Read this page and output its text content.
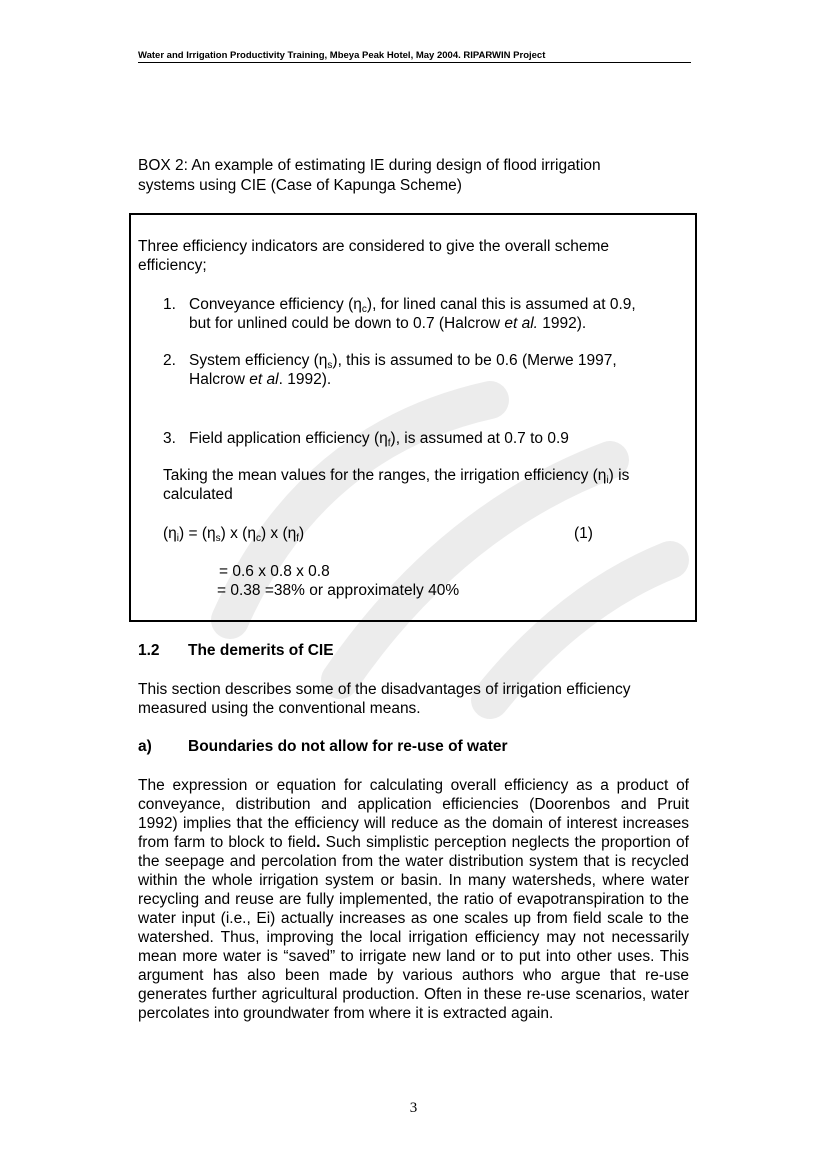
Water and Irrigation Productivity Training, Mbeya Peak Hotel, May 2004. RIPARWIN Project
BOX 2: An example of estimating IE during design of flood irrigation
systems using CIE (Case of Kapunga Scheme)
Three efficiency indicators are considered to give the overall scheme
efficiency;
1. Conveyance efficiency $(\eta_c)$, for lined canal this is assumed at 0.9,
but for unlined could be down to 0.7 (Halcrow et al. 1992).
2. System efficiency $(\eta_s)$, this is assumed to be 0.6 (Merwe 1997,
Halcrow et al. 1992).
3. Field application efficiency $(\eta_f)$, is assumed at 0.7 to 0.9
Taking the mean values for the ranges, the irrigation efficiency $(\eta_i)$ is
calculated
$(\eta_i) = (\eta_s)$ x $(\eta_c)$ x $(\eta_f)$	(1)
= 0.6 x 0.8 x 0.8
= 0.38 =38% or approximately 40%
1.2 The demerits of CIE
This section describes some of the disadvantages of irrigation efficiency
measured using the conventional means.
a) Boundaries do not allow for re-use of water
The expression or equation for calculating overall efficiency as a product of conveyance, distribution and application efficiencies (Doorenbos and Pruit 1992) implies that the efficiency will reduce as the domain of interest increases from farm to block to field. Such simplistic perception neglects the proportion of the seepage and percolation from the water distribution system that is recycled within the whole irrigation system or basin. In many watersheds, where water recycling and reuse are fully implemented, the ratio of evapotranspiration to the water input (i.e., Ei) actually increases as one scales up from field scale to the watershed. Thus, improving the local irrigation efficiency may not necessarily mean more water is “saved” to irrigate new land or to put into other uses. This argument has also been made by various authors who argue that re-use generates further agricultural production. Often in these re-use scenarios, water percolates into groundwater from where it is extracted again.
3
